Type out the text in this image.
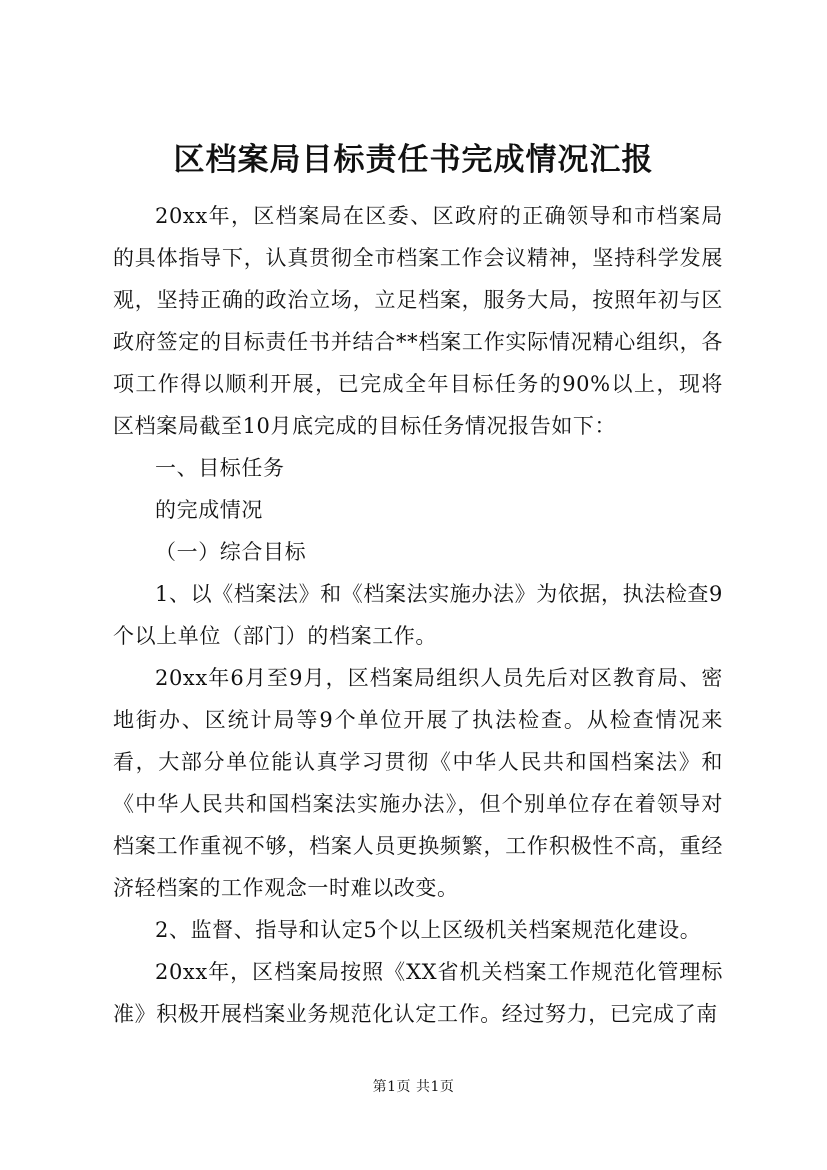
区档案局目标责任书完成情况汇报

20xx年，区档案局在区委、区政府的正确领导和市档案局的具体指导下，认真贯彻全市档案工作会议精神，坚持科学发展观，坚持正确的政治立场，立足档案，服务大局，按照年初与区政府签定的目标责任书并结合**档案工作实际情况精心组织，各项工作得以顺利开展，已完成全年目标任务的90%以上，现将区档案局截至10月底完成的目标任务情况报告如下：

一、目标任务

的完成情况

（一）综合目标

1、以《档案法》和《档案法实施办法》为依据，执法检查9个以上单位（部门）的档案工作。

20xx年6月至9月，区档案局组织人员先后对区教育局、密地街办、区统计局等9个单位开展了执法检查。从检查情况来看，大部分单位能认真学习贯彻《中华人民共和国档案法》和《中华人民共和国档案法实施办法》，但个别单位存在着领导对档案工作重视不够，档案人员更换频繁，工作积极性不高，重经济轻档案的工作观念一时难以改变。

2、监督、指导和认定5个以上区级机关档案规范化建设。

20xx年，区档案局按照《XX省机关档案工作规范化管理标准》积极开展档案业务规范化认定工作。经过努力，已完成了南

第1页 共1页
